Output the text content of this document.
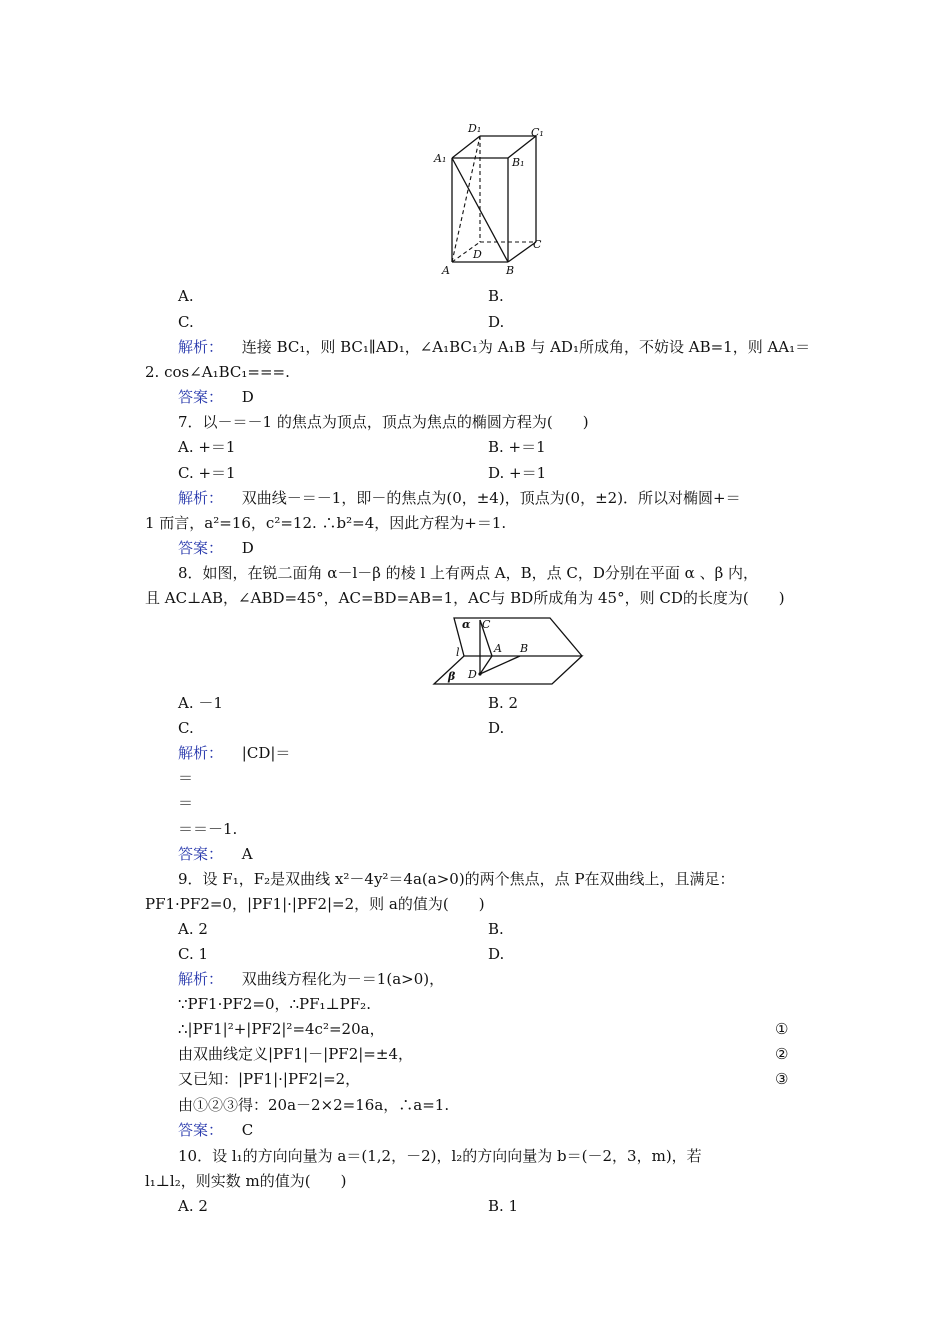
D₁	C₁
A₁	B₁
C
D
A	B
A.	B.
C.	D.
解析： 连接 BC₁，则 BC₁∥AD₁，∠A₁BC₁为 A₁B 与 AD₁所成角，不妨设 AB=1，则 AA₁＝
2. cos∠A₁BC₁===.
答案： D
7．以－＝－1 的焦点为顶点，顶点为焦点的椭圆方程为(　　)
A. +＝1	B. +＝1
C. +＝1	D. +＝1
解析： 双曲线－＝－1，即－的焦点为(0，±4)，顶点为(0，±2)．所以对椭圆+＝
1 而言，a²=16，c²=12. ∴b²=4，因此方程为+＝1.
答案： D
8．如图，在锐二面角 α－l－β 的棱 l 上有两点 A，B，点 C，D分别在平面 α 、β 内，
且 AC⊥AB，∠ABD=45°，AC=BD=AB=1，AC与 BD所成角为 45°，则 CD的长度为(　　)
α C
l	A B
D
β
A. －1	B. 2
C.	D.
解析： |CD|＝
＝
＝
＝＝－1.
答案： A
9．设 F₁，F₂是双曲线 x²－4y²＝4a(a>0)的两个焦点，点 P在双曲线上，且满足：
PF1·PF2=0，|PF1|·|PF2|=2，则 a的值为(　　)
A. 2	B.
C. 1	D.
解析： 双曲线方程化为－＝1(a>0)，
∵PF1·PF2=0，∴PF₁⊥PF₂.
∴|PF1|²+|PF2|²=4c²=20a，	①
由双曲线定义|PF1|－|PF2|=±4，	②
又已知：|PF1|·|PF2|=2，	③
由①②③得：20a－2×2=16a，∴a=1.
答案： C
10．设 l₁的方向向量为 a＝(1,2，－2)，l₂的方向向量为 b＝(－2，3，m)，若
l₁⊥l₂，则实数 m的值为(　　)
A. 2	B. 1
